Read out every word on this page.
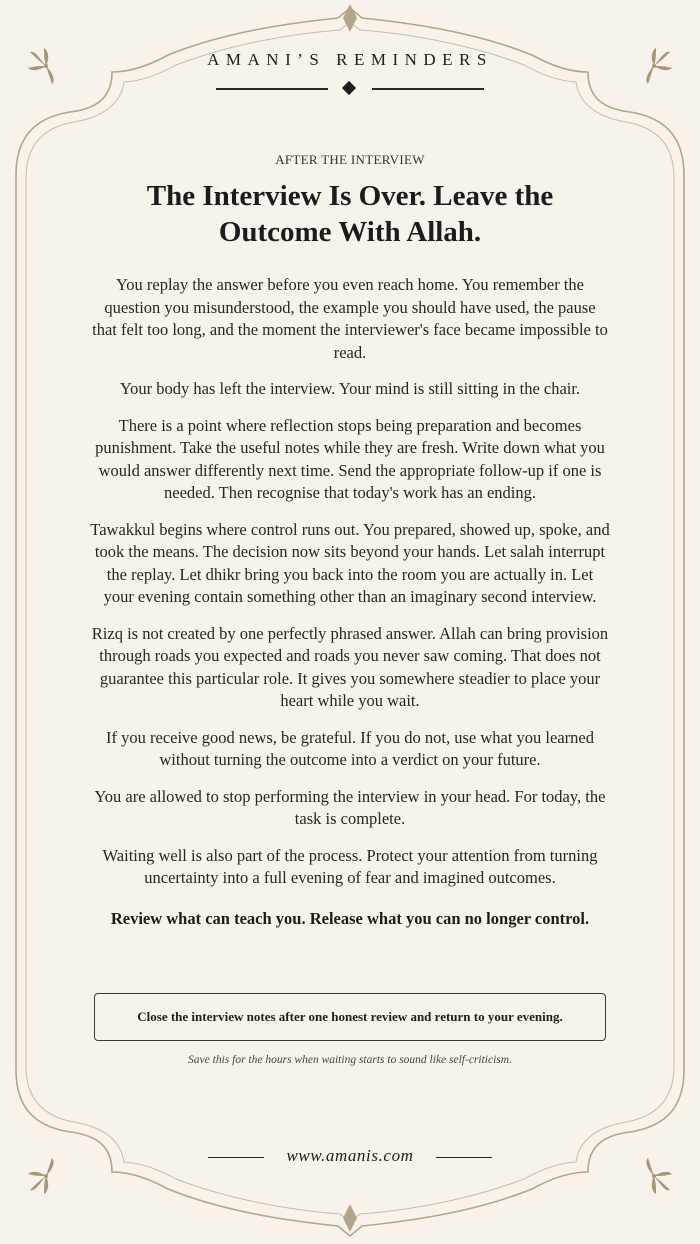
AMANI’S REMINDERS
AFTER THE INTERVIEW
The Interview Is Over. Leave the Outcome With Allah.

You replay the answer before you even reach home. You remember the question you misunderstood, the example you should have used, the pause that felt too long, and the moment the interviewer's face became impossible to read.

Your body has left the interview. Your mind is still sitting in the chair.

There is a point where reflection stops being preparation and becomes punishment. Take the useful notes while they are fresh. Write down what you would answer differently next time. Send the appropriate follow-up if one is needed. Then recognise that today's work has an ending.

Tawakkul begins where control runs out. You prepared, showed up, spoke, and took the means. The decision now sits beyond your hands. Let salah interrupt the replay. Let dhikr bring you back into the room you are actually in. Let your evening contain something other than an imaginary second interview.

Rizq is not created by one perfectly phrased answer. Allah can bring provision through roads you expected and roads you never saw coming. That does not guarantee this particular role. It gives you somewhere steadier to place your heart while you wait.

If you receive good news, be grateful. If you do not, use what you learned without turning the outcome into a verdict on your future.

You are allowed to stop performing the interview in your head. For today, the task is complete.

Waiting well is also part of the process. Protect your attention from turning uncertainty into a full evening of fear and imagined outcomes.

Review what can teach you. Release what you can no longer control.

Close the interview notes after one honest review and return to your evening.
Save this for the hours when waiting starts to sound like self-criticism.
www.amanis.com
